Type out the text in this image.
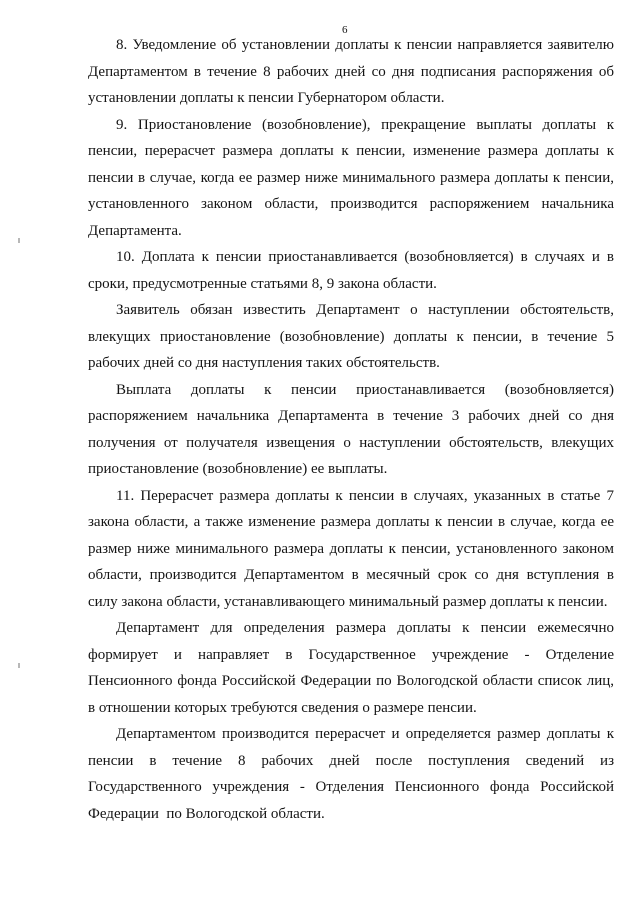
6
8. Уведомление об установлении доплаты к пенсии направляется заявителю
Департаментом в течение 8 рабочих дней со дня подписания распоряжения об
установлении доплаты к пенсии Губернатором области.
9. Приостановление (возобновление), прекращение выплаты доплаты к
пенсии, перерасчет размера доплаты к пенсии, изменение размера доплаты к
пенсии в случае, когда ее размер ниже минимального размера доплаты к пенсии,
установленного законом области, производится распоряжением начальника
Департамента.
10. Доплата к пенсии приостанавливается (возобновляется) в случаях и в
сроки, предусмотренные статьями 8, 9 закона области.
Заявитель обязан известить Департамент о наступлении обстоятельств,
влекущих приостановление (возобновление) доплаты к пенсии, в течение 5
рабочих дней со дня наступления таких обстоятельств.
Выплата доплаты к пенсии приостанавливается (возобновляется)
распоряжением начальника Департамента в течение 3 рабочих дней со дня
получения от получателя извещения о наступлении обстоятельств, влекущих
приостановление (возобновление) ее выплаты.
11. Перерасчет размера доплаты к пенсии в случаях, указанных в статье 7
закона области, а также изменение размера доплаты к пенсии в случае, когда ее
размер ниже минимального размера доплаты к пенсии, установленного законом
области, производится Департаментом в месячный срок со дня вступления в
силу закона области, устанавливающего минимальный размер доплаты к пенсии.
Департамент для определения размера доплаты к пенсии ежемесячно
формирует и направляет в Государственное учреждение - Отделение
Пенсионного фонда Российской Федерации по Вологодской области список лиц,
в отношении которых требуются сведения о размере пенсии.
Департаментом производится перерасчет и определяется размер доплаты к
пенсии в течение 8 рабочих дней после поступления сведений из
Государственного учреждения - Отделения Пенсионного фонда Российской
Федерации  по Вологодской области.
